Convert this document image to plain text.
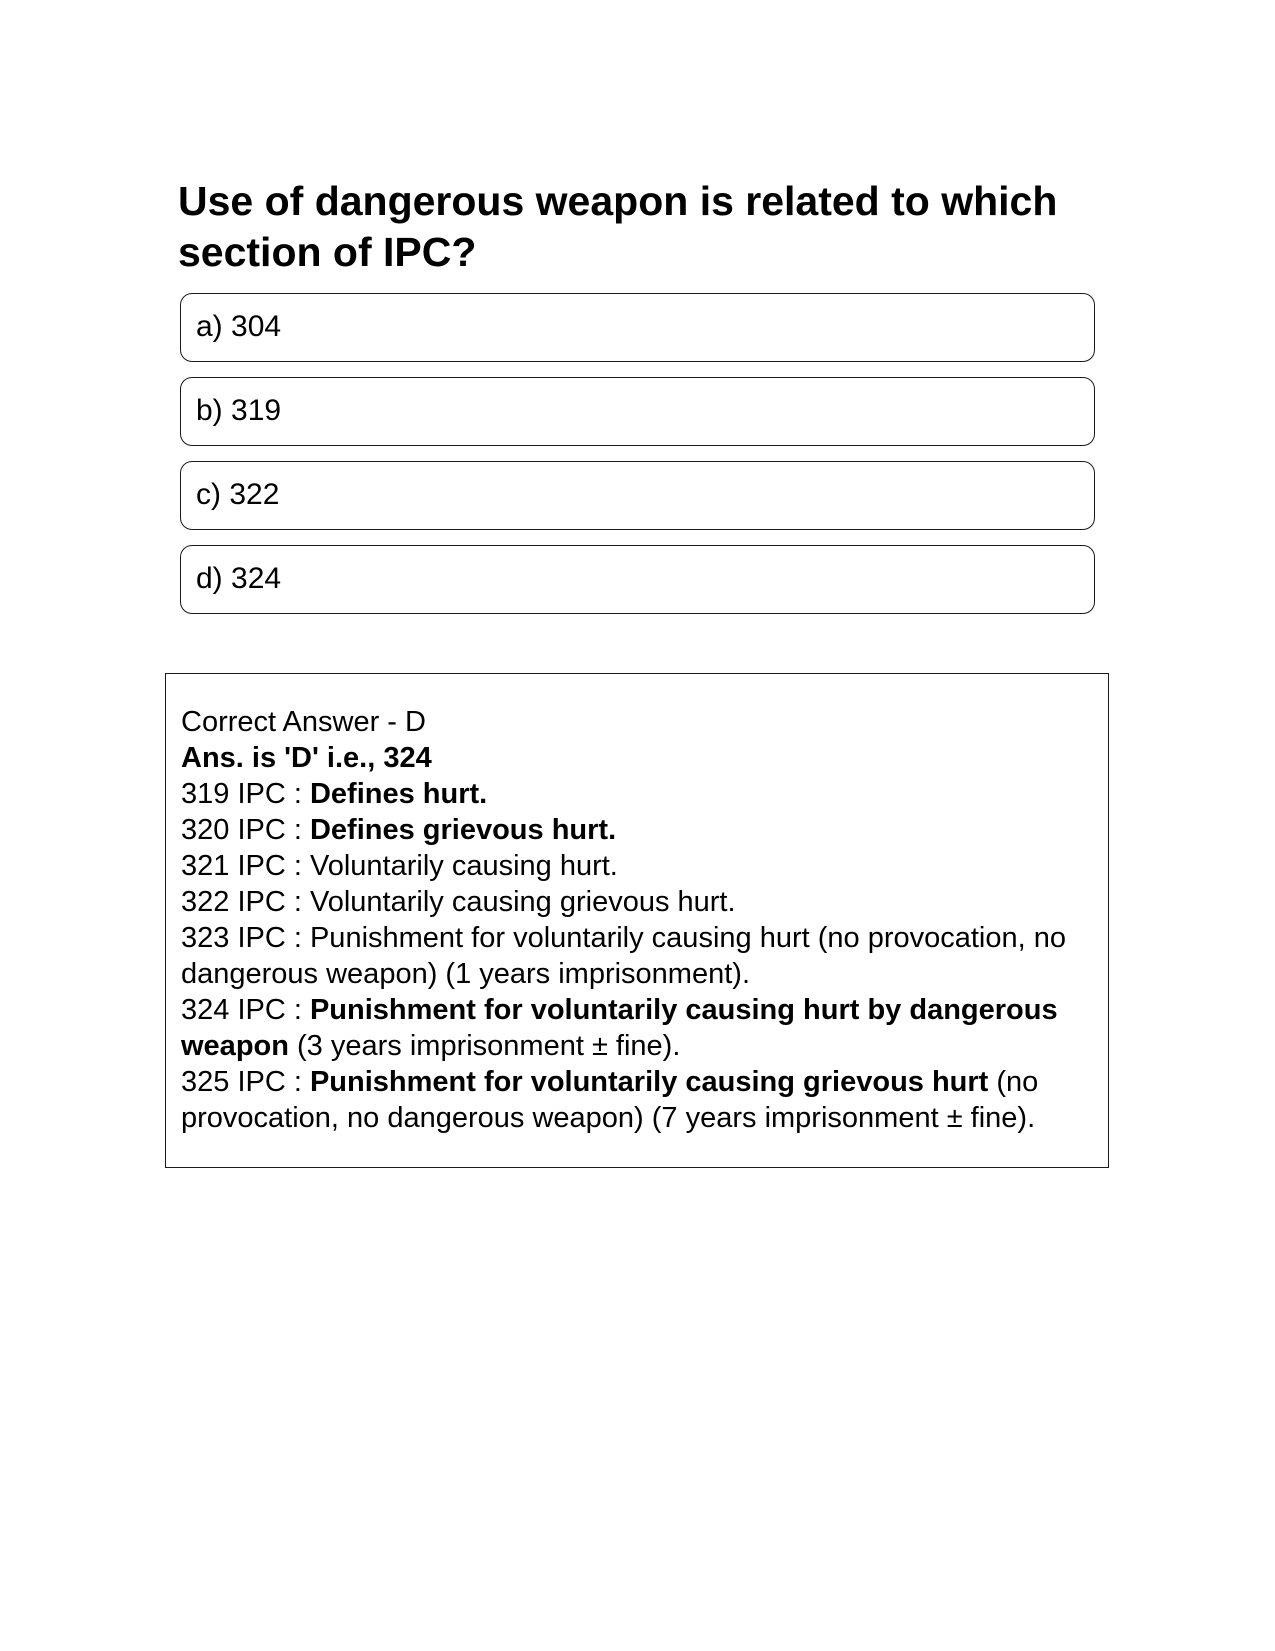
Use of dangerous weapon is related to which section of IPC?
a) 304
b) 319
c) 322
d) 324
Correct Answer - D
Ans. is 'D' i.e., 324
319 IPC : Defines hurt.
320 IPC : Defines grievous hurt.
321 IPC : Voluntarily causing hurt.
322 IPC : Voluntarily causing grievous hurt.
323 IPC : Punishment for voluntarily causing hurt (no provocation, no dangerous weapon) (1 years imprisonment).
324 IPC : Punishment for voluntarily causing hurt by dangerous weapon (3 years imprisonment ± fine).
325 IPC : Punishment for voluntarily causing grievous hurt (no provocation, no dangerous weapon) (7 years imprisonment ± fine).
